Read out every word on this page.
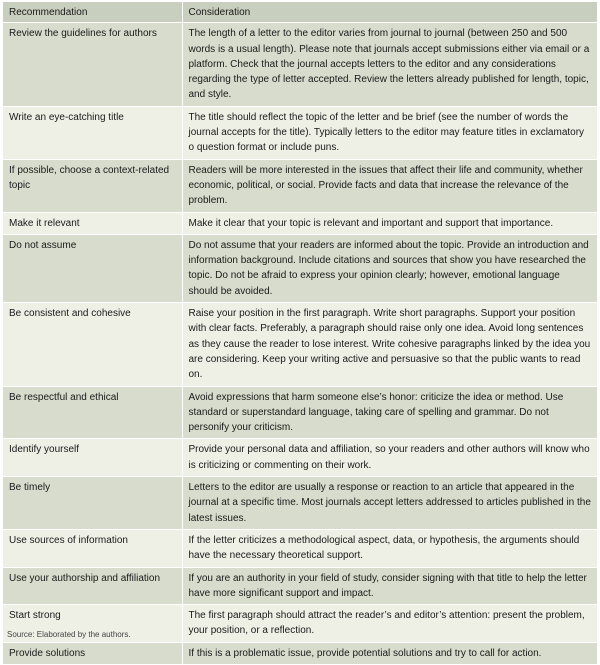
Recommendation	Consideration
Review the guidelines for authors	The length of a letter to the editor varies from journal to journal (between 250 and 500 words is a usual length). Please note that journals accept submissions either via email or a platform. Check that the journal accepts letters to the editor and any considerations regarding the type of letter accepted. Review the letters already published for length, topic, and style.
Write an eye-catching title	The title should reflect the topic of the letter and be brief (see the number of words the journal accepts for the title). Typically letters to the editor may feature titles in exclamatory o question format or include puns.
If possible, choose a context-related topic	Readers will be more interested in the issues that affect their life and community, whether economic, political, or social. Provide facts and data that increase the relevance of the problem.
Make it relevant	Make it clear that your topic is relevant and important and support that importance.
Do not assume	Do not assume that your readers are informed about the topic. Provide an introduction and information background. Include citations and sources that show you have researched the topic. Do not be afraid to express your opinion clearly; however, emotional language should be avoided.
Be consistent and cohesive	Raise your position in the first paragraph. Write short paragraphs. Support your position with clear facts. Preferably, a paragraph should raise only one idea. Avoid long sentences as they cause the reader to lose interest. Write cohesive paragraphs linked by the idea you are considering. Keep your writing active and persuasive so that the public wants to read on.
Be respectful and ethical	Avoid expressions that harm someone else’s honor: criticize the idea or method. Use standard or superstandard language, taking care of spelling and grammar. Do not personify your criticism.
Identify yourself	Provide your personal data and affiliation, so your readers and other authors will know who is criticizing or commenting on their work.
Be timely	Letters to the editor are usually a response or reaction to an article that appeared in the journal at a specific time. Most journals accept letters addressed to articles published in the latest issues.
Use sources of information	If the letter criticizes a methodological aspect, data, or hypothesis, the arguments should have the necessary theoretical support.
Use your authorship and affiliation	If you are an authority in your field of study, consider signing with that title to help the letter have more significant support and impact.
Start strong	The first paragraph should attract the reader’s and editor’s attention: present the problem, your position, or a reflection.
Provide solutions	If this is a problematic issue, provide potential solutions and try to call for action.
Source: Elaborated by the authors.
